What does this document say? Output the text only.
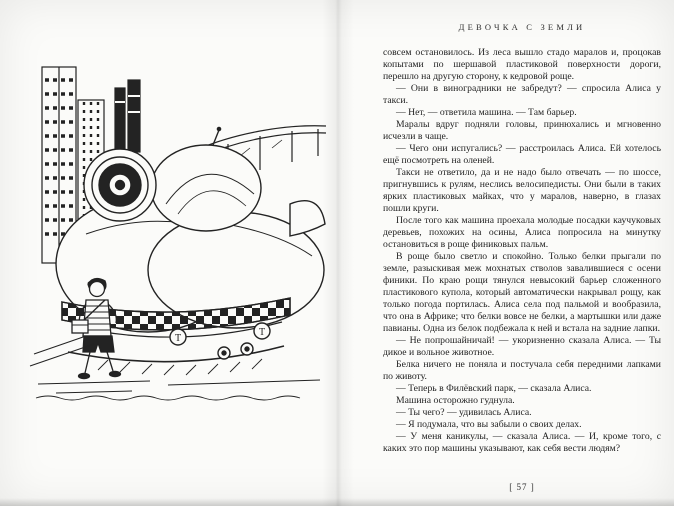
T
T
ДЕВОЧКА С ЗЕМЛИ

совсем остановилось. Из леса вышло стадо маралов и, процокав копытами по шершавой пластиковой поверхности дороги, перешло на другую сторону, к кедровой роще.

— Они в виноградники не забредут? — спросила Алиса у такси.

— Нет, — ответила машина. — Там барьер.

Маралы вдруг подняли головы, принюхались и мгновенно исчезли в чаще.

— Чего они испугались? — расстроилась Алиса. Ей хотелось ещё посмотреть на оленей.

Такси не ответило, да и не надо было отвечать — по шоссе, пригнувшись к рулям, неслись велосипедисты. Они были в таких ярких пластиковых майках, что у маралов, наверно, в глазах пошли круги.

После того как машина проехала молодые посадки каучуковых деревьев, похожих на осины, Алиса попросила на минутку остановиться в роще финиковых пальм.

В роще было светло и спокойно. Только белки прыгали по земле, разыскивая меж мохнатых стволов завалившиеся с осени финики. По краю рощи тянулся невысокий барьер сложенного пластикового купола, который автоматически накрывал рощу, как только погода портилась. Алиса села под пальмой и вообразила, что она в Африке; что белки вовсе не белки, а мартышки или даже павианы. Одна из белок подбежала к ней и встала на задние лапки.

— Не попрошайничай! — укоризненно сказала Алиса. — Ты дикое и вольное животное.

Белка ничего не поняла и постучала себя передними лапками по животу.

— Теперь в Филёвский парк, — сказала Алиса.

Машина осторожно гуднула.

— Ты чего? — удивилась Алиса.

— Я подумала, что вы забыли о своих делах.

— У меня каникулы, — сказала Алиса. — И, кроме того, с каких это пор машины указывают, как себя вести людям?

[ 57 ]
